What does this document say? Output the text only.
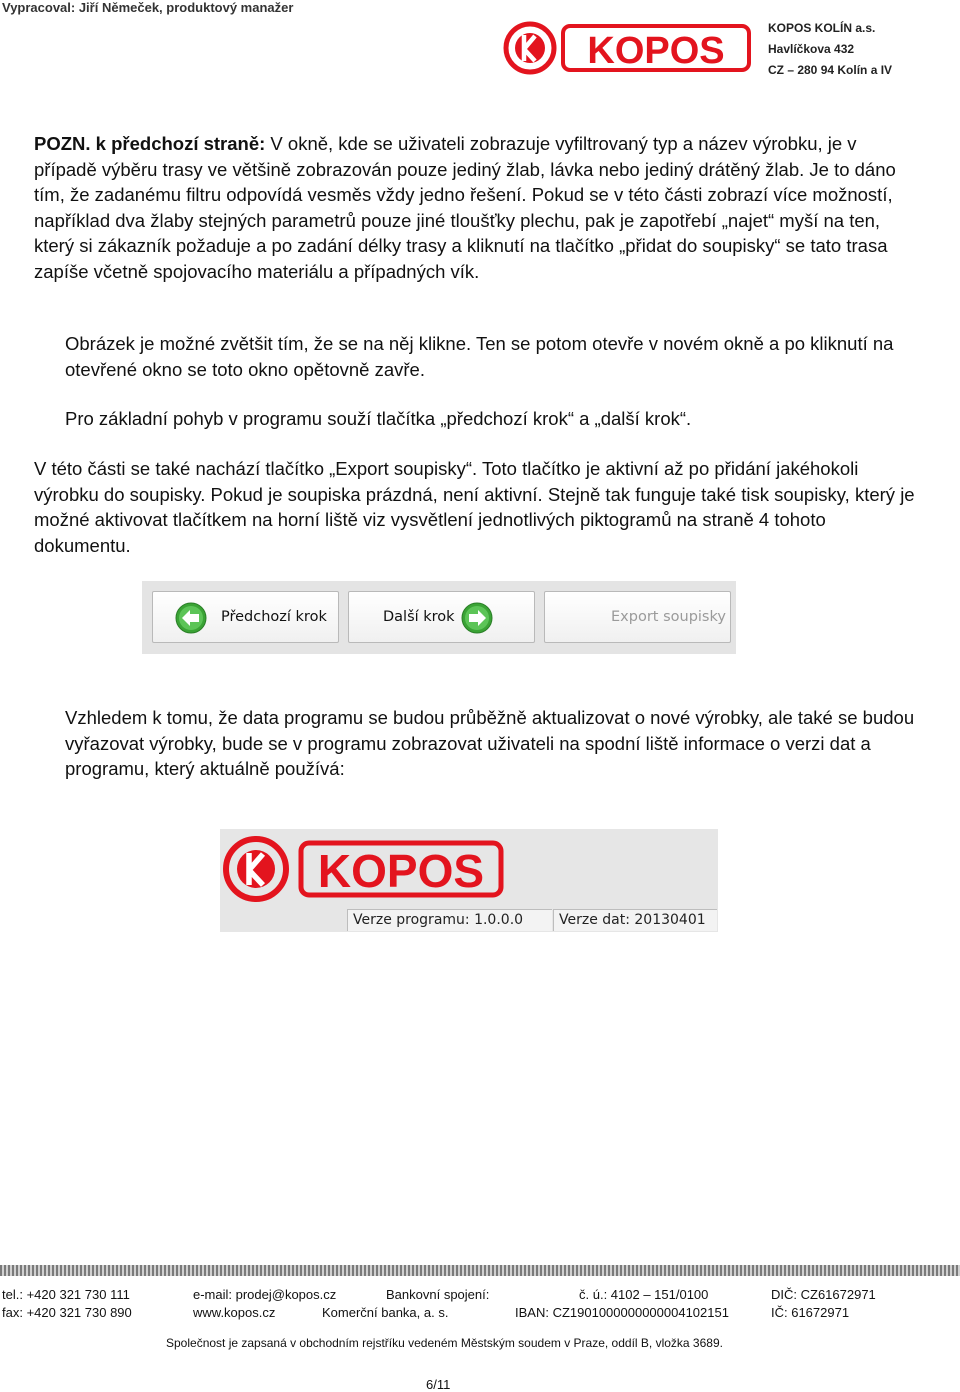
Vypracoval: Jiří Němeček, produktový manažer
KOPOS
KOPOS KOLÍN a.s.
Havlíčkova 432
CZ – 280 94 Kolín a IV
POZN. k předchozí straně: V okně, kde se uživateli zobrazuje vyfiltrovaný typ a název výrobku, je v případě výběru trasy ve většině zobrazován pouze jediný žlab, lávka nebo jediný drátěný žlab. Je to dáno tím, že zadanému filtru odpovídá vesměs vždy jedno řešení. Pokud se v této části zobrazí více možností, například dva žlaby stejných parametrů pouze jiné tloušťky plechu, pak je zapotřebí „najet“ myší na ten, který si zákazník požaduje a po zadání délky trasy a kliknutí na tlačítko „přidat do soupisky“ se tato trasa zapíše včetně spojovacího materiálu a případných vík.
Obrázek je možné zvětšit tím, že se na něj klikne. Ten se potom otevře v novém okně a po kliknutí na otevřené okno se toto okno opětovně zavře.
Pro základní pohyb v programu souží tlačítka „předchozí krok“ a „další krok“.
V této části se také nachází tlačítko „Export soupisky“. Toto tlačítko je aktivní až po přidání jakéhokoli výrobku do soupisky. Pokud je soupiska prázdná, není aktivní. Stejně tak funguje také tisk soupisky, který je možné aktivovat tlačítkem na horní liště viz vysvětlení jednotlivých piktogramů na straně 4 tohoto dokumentu.
Předchozí krok	Další krok	Export soupisky
Vzhledem k tomu, že data programu se budou průběžně aktualizovat o nové výrobky, ale také se budou vyřazovat výrobky, bude se v programu zobrazovat uživateli na spodní liště informace o verzi dat a programu, který aktuálně používá:
KOPOS
Verze programu: 1.0.0.0	Verze dat: 20130401
tel.: +420 321 730 111
fax: +420 321 730 890
e-mail: prodej@kopos.cz
www.kopos.cz
Bankovní spojení:
Komerční banka, a. s.
č. ú.: 4102 – 151/0100
IBAN: CZ1901000000000004102151
DIČ: CZ61672971
IČ: 61672971
Společnost je zapsaná v obchodním rejstříku vedeném Městským soudem v Praze, oddíl B, vložka 3689.
6/11
